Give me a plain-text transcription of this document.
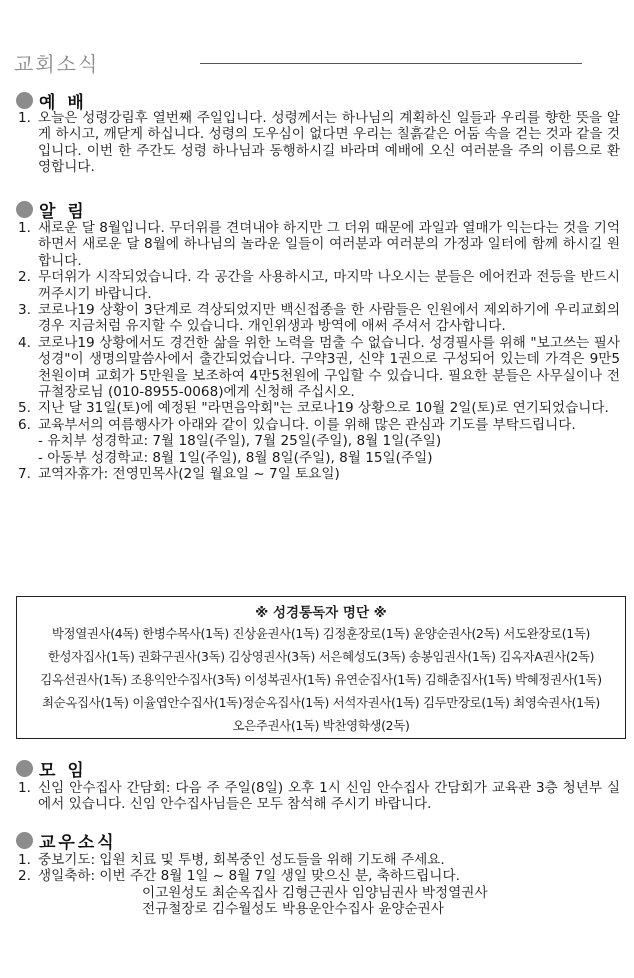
교회소식
예 배
1. 오늘은 성령강림후 열번째 주일입니다. 성령께서는 하나님의 계획하신 일들과 우리를 향한 뜻을 알게 하시고, 깨닫게 하십니다. 성령의 도우심이 없다면 우리는 칠흙같은 어둠 속을 걷는 것과 같을 것입니다. 이번 한 주간도 성령 하나님과 동행하시길 바라며 예배에 오신 여러분을 주의 이름으로 환영합니다.
알 림
1. 새로운 달 8월입니다. 무더위를 견뎌내야 하지만 그 더위 때문에 과일과 열매가 익는다는 것을 기억하면서 새로운 달 8월에 하나님의 놀라운 일들이 여러분과 여러분의 가정과 일터에 함께 하시길 원합니다.
2. 무더위가 시작되었습니다. 각 공간을 사용하시고, 마지막 나오시는 분들은 에어컨과 전등을 반드시 꺼주시기 바랍니다.
3. 코로나19 상황이 3단계로 격상되었지만 백신접종을 한 사람들은 인원에서 제외하기에 우리교회의 경우 지금처럼 유지할 수 있습니다. 개인위생과 방역에 애써 주셔서 감사합니다.
4. 코로나19 상황에서도 경건한 삶을 위한 노력을 멈출 수 없습니다. 성경필사를 위해 "보고쓰는 필사성경"이 생명의말씀사에서 출간되었습니다. 구약3권, 신약 1권으로 구성되어 있는데 가격은 9만5천원이며 교회가 5만원을 보조하여 4만5천원에 구입할 수 있습니다. 필요한 분들은 사무실이나 전규철장로님 (010-8955-0068)에게 신청해 주십시오.
5. 지난 달 31일(토)에 예정된 "라면음악회"는 코로나19 상황으로 10월 2일(토)로 연기되었습니다.
6. 교육부서의 여름행사가 아래와 같이 있습니다. 이를 위해 많은 관심과 기도를 부탁드립니다.
- 유치부 성경학교: 7월 18일(주일), 7월 25일(주일), 8월 1일(주일)
- 아동부 성경학교: 8월 1일(주일), 8월 8일(주일), 8월 15일(주일)
7. 교역자휴가: 전영민목사(2일 월요일 ~ 7일 토요일)
※ 성경통독자 명단 ※
박정열권사(4독) 한병수목사(1독) 진상윤권사(1독) 김정훈장로(1독) 윤양순권사(2독) 서도완장로(1독)
한성자집사(1독) 권화구권사(3독) 김상영권사(3독) 서은혜성도(3독) 송봉임권사(1독) 김옥자A권사(2독)
김옥선권사(1독) 조용익안수집사(3독) 이성복권사(1독) 유연순집사(1독) 김해춘집사(1독) 박혜정권사(1독)
최순옥집사(1독) 이율엽안수집사(1독)정순옥집사(1독) 서석자권사(1독) 김두만장로(1독) 최영숙권사(1독)
오은주권사(1독) 박찬영학생(2독)
모 임
1. 신임 안수집사 간담회: 다음 주 주일(8일) 오후 1시 신임 안수집사 간담회가 교육관 3층 청년부 실에서 있습니다. 신임 안수집사님들은 모두 참석해 주시기 바랍니다.
교우소식
1. 중보기도: 입원 치료 및 투병, 회복중인 성도들을 위해 기도해 주세요.
2. 생일축하: 이번 주간 8월 1일 ~ 8월 7일 생일 맞으신 분, 축하드립니다.
이고원성도 최순옥집사 김형근권사 임양님권사 박정열권사
전규철장로 김수월성도 박용운안수집사 윤양순권사
